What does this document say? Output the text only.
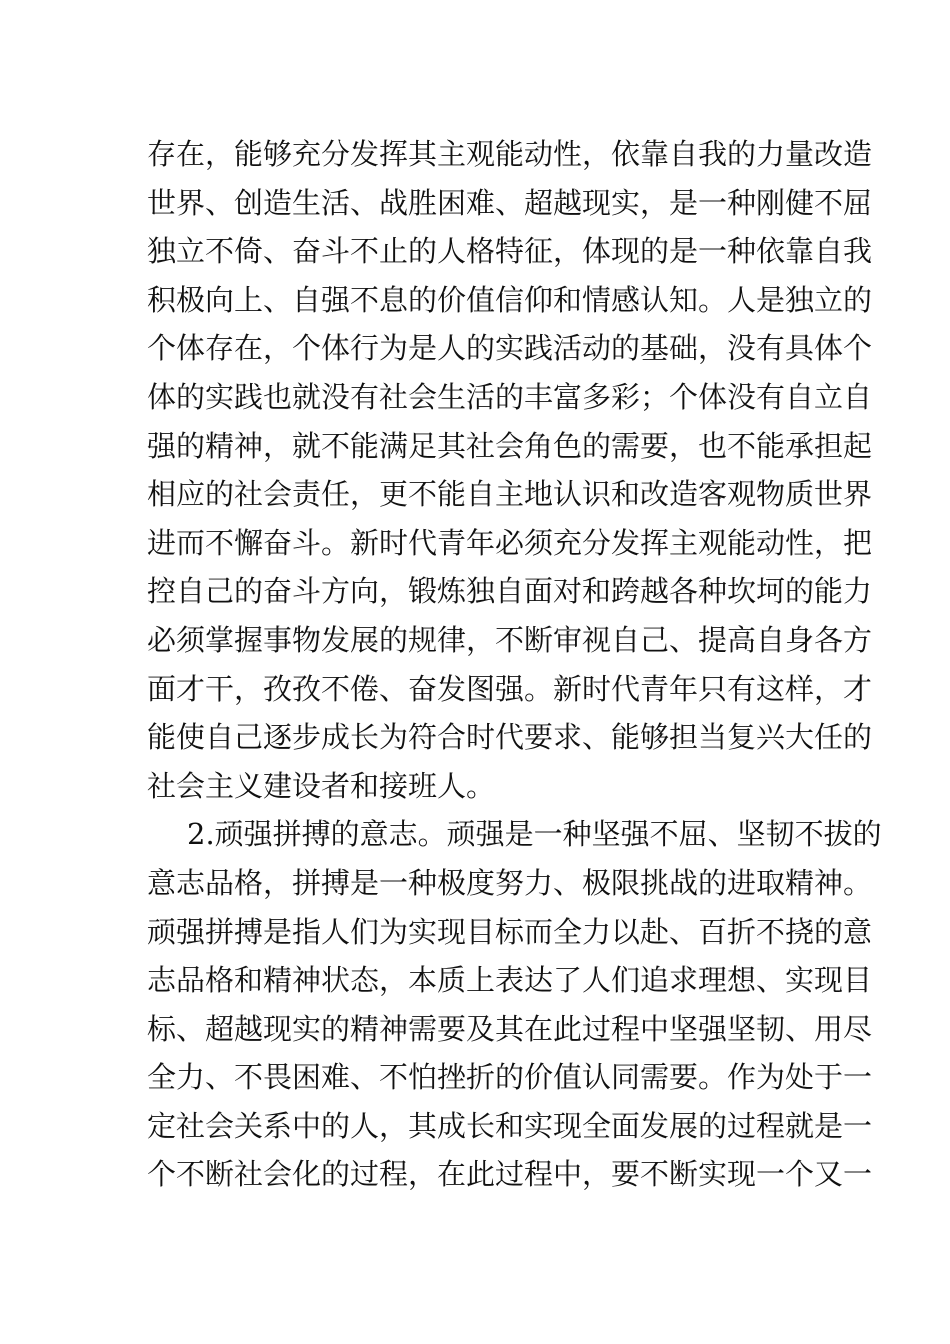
存在，能够充分发挥其主观能动性，依靠自我的力量改造
世界、创造生活、战胜困难、超越现实，是一种刚健不屈
独立不倚、奋斗不止的人格特征，体现的是一种依靠自我
积极向上、自强不息的价值信仰和情感认知。人是独立的
个体存在，个体行为是人的实践活动的基础，没有具体个
体的实践也就没有社会生活的丰富多彩；个体没有自立自
强的精神，就不能满足其社会角色的需要，也不能承担起
相应的社会责任，更不能自主地认识和改造客观物质世界
进而不懈奋斗。新时代青年必须充分发挥主观能动性，把
控自己的奋斗方向，锻炼独自面对和跨越各种坎坷的能力
必须掌握事物发展的规律，不断审视自己、提高自身各方
面才干，孜孜不倦、奋发图强。新时代青年只有这样，才
能使自己逐步成长为符合时代要求、能够担当复兴大任的
社会主义建设者和接班人。
2.顽强拼搏的意志。顽强是一种坚强不屈、坚韧不拔的
意志品格，拼搏是一种极度努力、极限挑战的进取精神。
顽强拼搏是指人们为实现目标而全力以赴、百折不挠的意
志品格和精神状态，本质上表达了人们追求理想、实现目
标、超越现实的精神需要及其在此过程中坚强坚韧、用尽
全力、不畏困难、不怕挫折的价值认同需要。作为处于一
定社会关系中的人，其成长和实现全面发展的过程就是一
个不断社会化的过程，在此过程中，要不断实现一个又一
